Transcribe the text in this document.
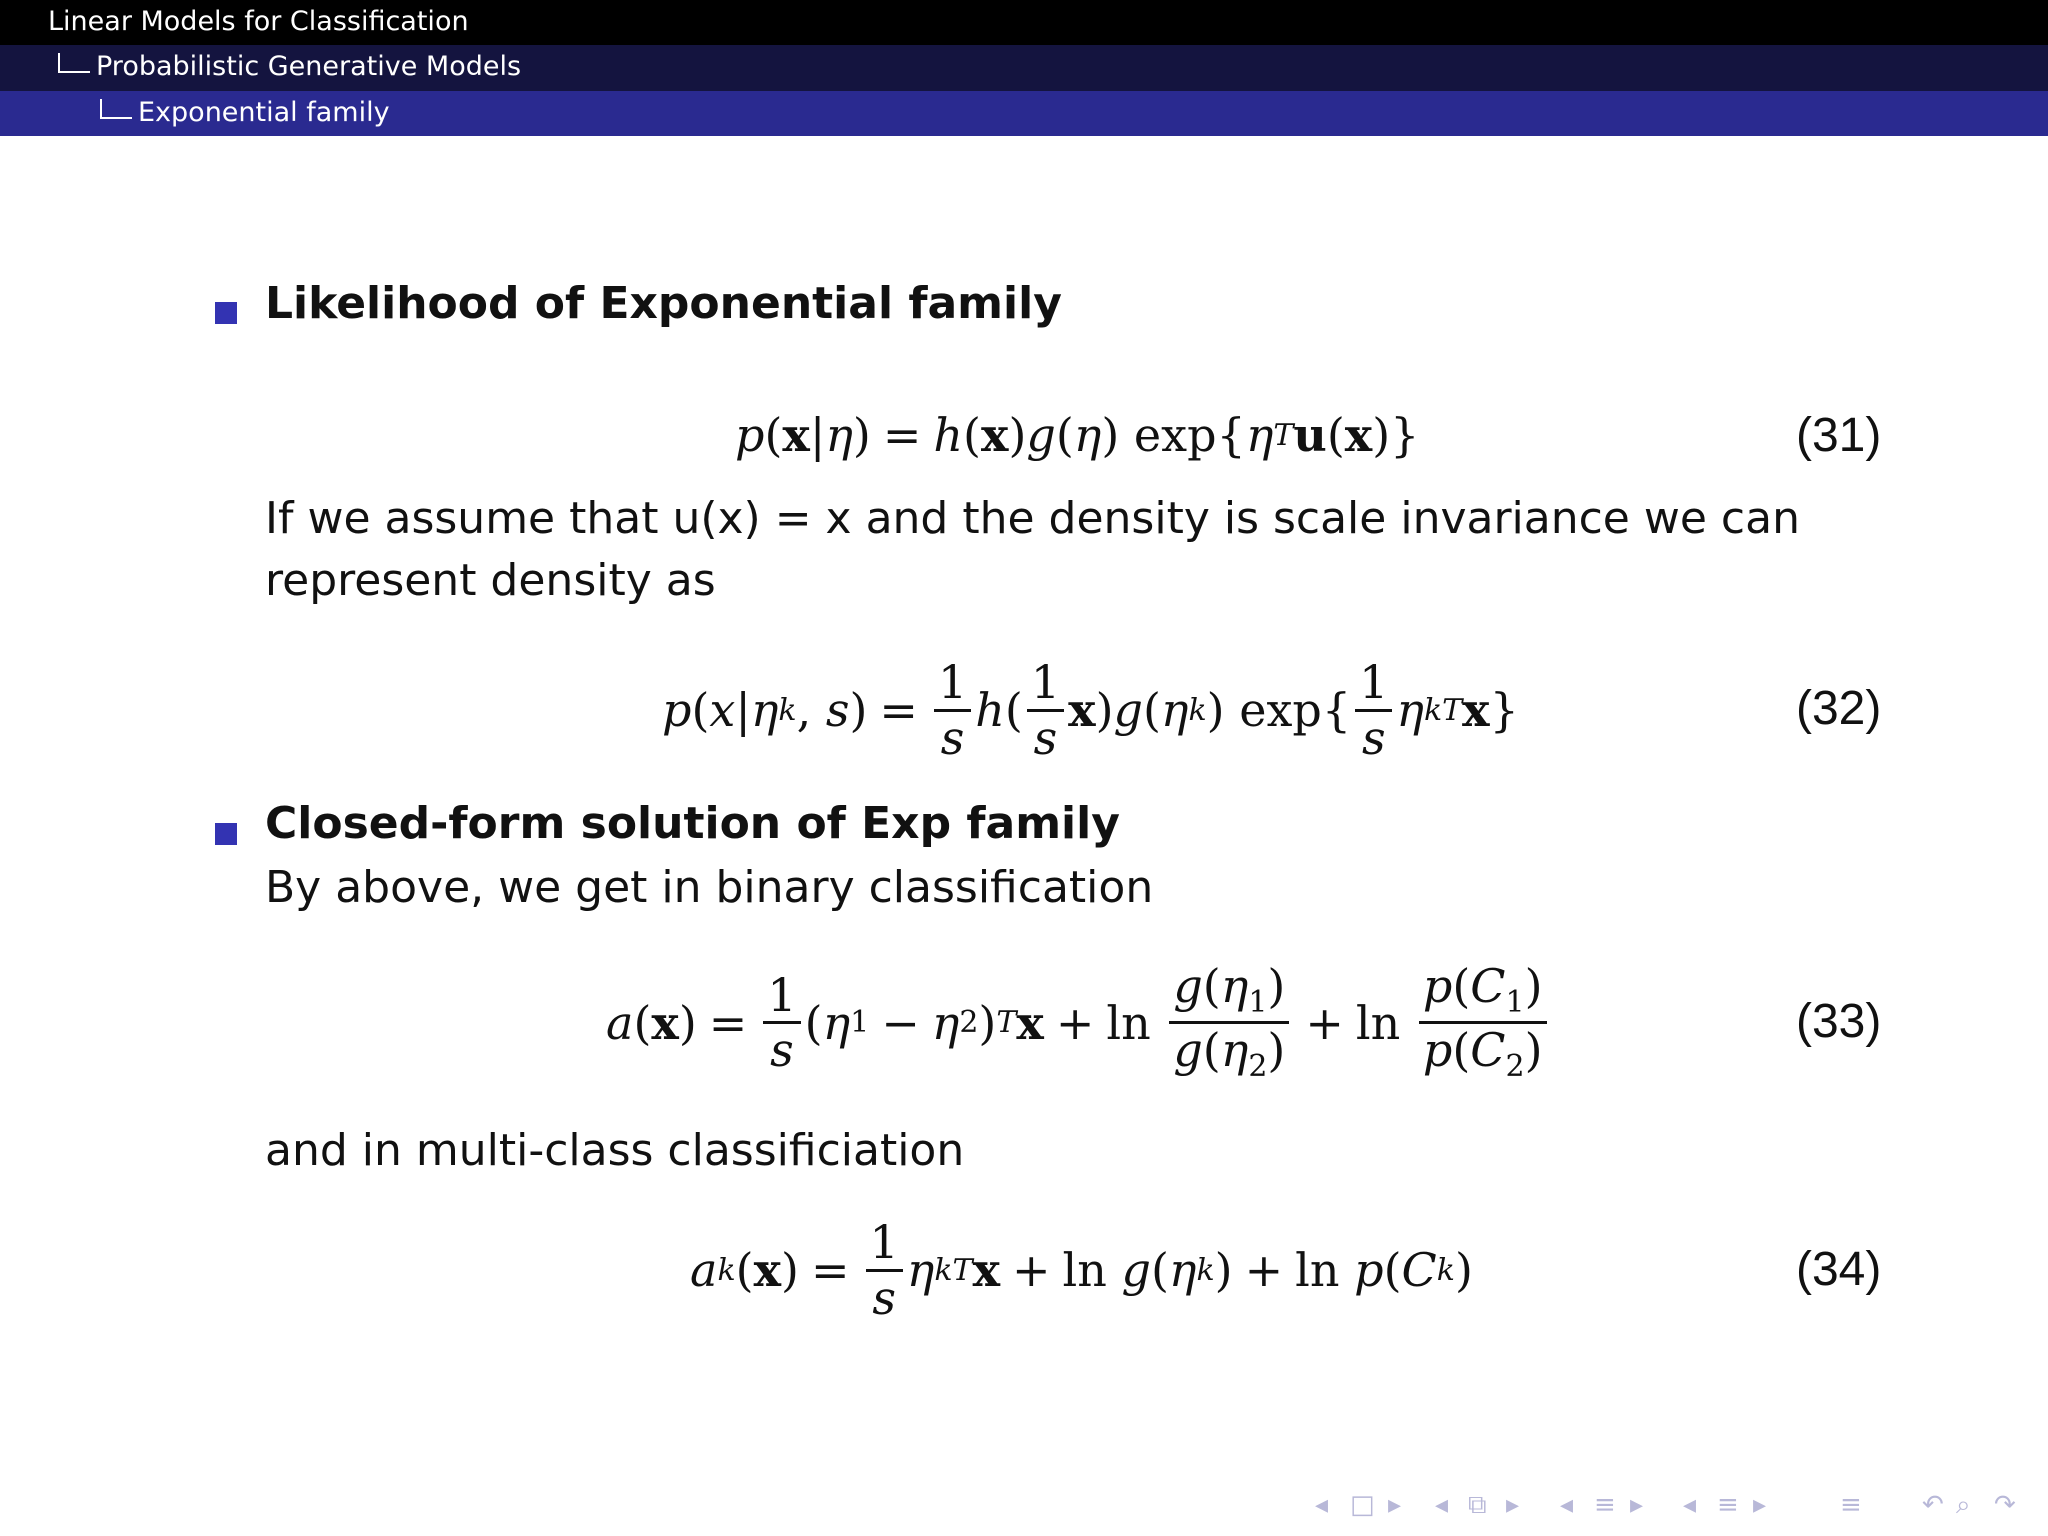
Linear Models for Classification
Probabilistic Generative Models
Exponential family
Likelihood of Exponential family
p ( x | η ) = h ( x ) g ( η ) exp{ η T u ( x )}	(31)
If we assume that u(x) = x and the density is scale invariance we can
represent density as
p ( x | η k , s ) = $\frac{1}{s}$ h ( $\frac{1}{s}$ x ) g ( η k ) $\exp\{ \frac{1}{s}$ η k T x }	(32)
Closed-form solution of Exp family
By above, we get in binary classification
a ( x ) = $\frac{1}{s}$ ( η 1 − η 2 ) T $x + \ln \frac{g(\eta_1)}{g(\eta_2)} + \ln \frac{p(C_1)}{p(C_2)}$	(33)
and in multi-class classificiation
a k ( x ) = $\frac{1}{s}$ η k T x + ln g ( η k ) + ln p ( C k )	(34)
◂ □ ▸ ◂ ⧉ ▸ ◂ ≡ ▸ ◂ ≡ ▸	≡ ↶ ⌕ ↷
